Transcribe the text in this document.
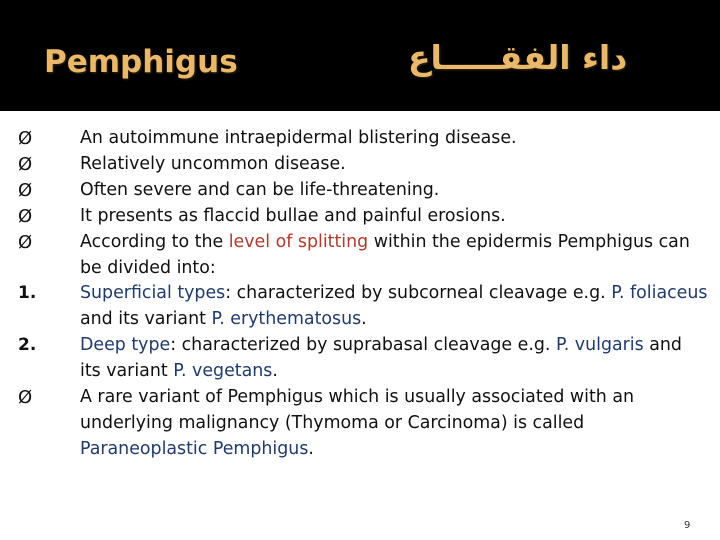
Pemphigus	داء الفقـــــاع
Ø	An autoimmune intraepidermal blistering disease.
Ø	Relatively uncommon disease.
Ø	Often severe and can be life-threatening.
Ø	It presents as flaccid bullae and painful erosions.
Ø	According to the level of splitting within the epidermis Pemphigus can be divided into:
1.	Superficial types: characterized by subcorneal cleavage e.g. P. foliaceus and its variant P. erythematosus.
2.	Deep type: characterized by suprabasal cleavage e.g. P. vulgaris and its variant P. vegetans.
Ø	A rare variant of Pemphigus which is usually associated with an underlying malignancy (Thymoma or Carcinoma) is called Paraneoplastic Pemphigus.
9
